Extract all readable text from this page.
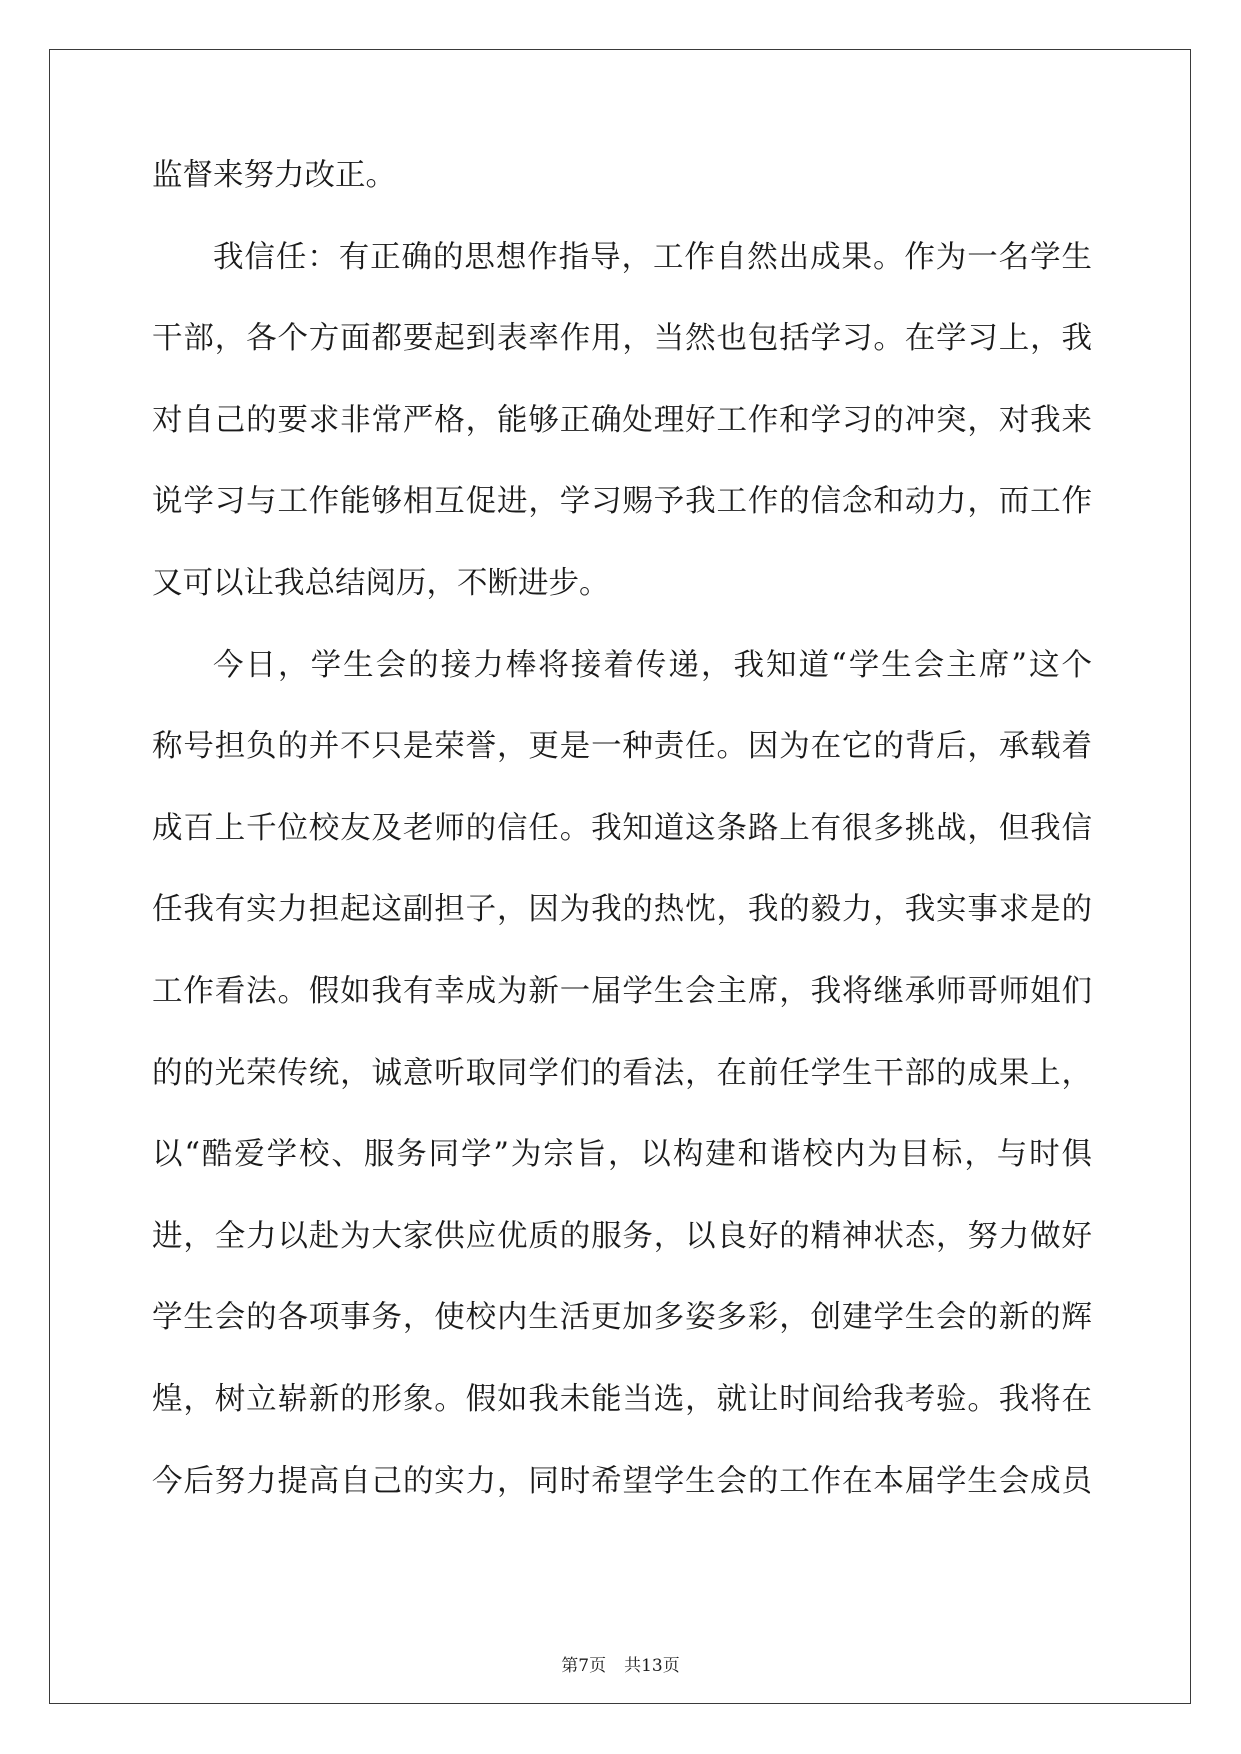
监督来努力改正。
我信任：有正确的思想作指导，工作自然出成果。作为一名学生
干部，各个方面都要起到表率作用，当然也包括学习。在学习上，我
对自己的要求非常严格，能够正确处理好工作和学习的冲突，对我来
说学习与工作能够相互促进，学习赐予我工作的信念和动力，而工作
又可以让我总结阅历，不断进步。
今日，学生会的接力棒将接着传递，我知道“学生会主席”这个
称号担负的并不只是荣誉，更是一种责任。因为在它的背后，承载着
成百上千位校友及老师的信任。我知道这条路上有很多挑战，但我信
任我有实力担起这副担子，因为我的热忱，我的毅力，我实事求是的
工作看法。假如我有幸成为新一届学生会主席，我将继承师哥师姐们
的的光荣传统，诚意听取同学们的看法，在前任学生干部的成果上，
以“酷爱学校、服务同学”为宗旨，以构建和谐校内为目标，与时俱
进，全力以赴为大家供应优质的服务，以良好的精神状态，努力做好
学生会的各项事务，使校内生活更加多姿多彩，创建学生会的新的辉
煌，树立崭新的形象。假如我未能当选，就让时间给我考验。我将在
今后努力提高自己的实力，同时希望学生会的工作在本届学生会成员
第7页 共13页
